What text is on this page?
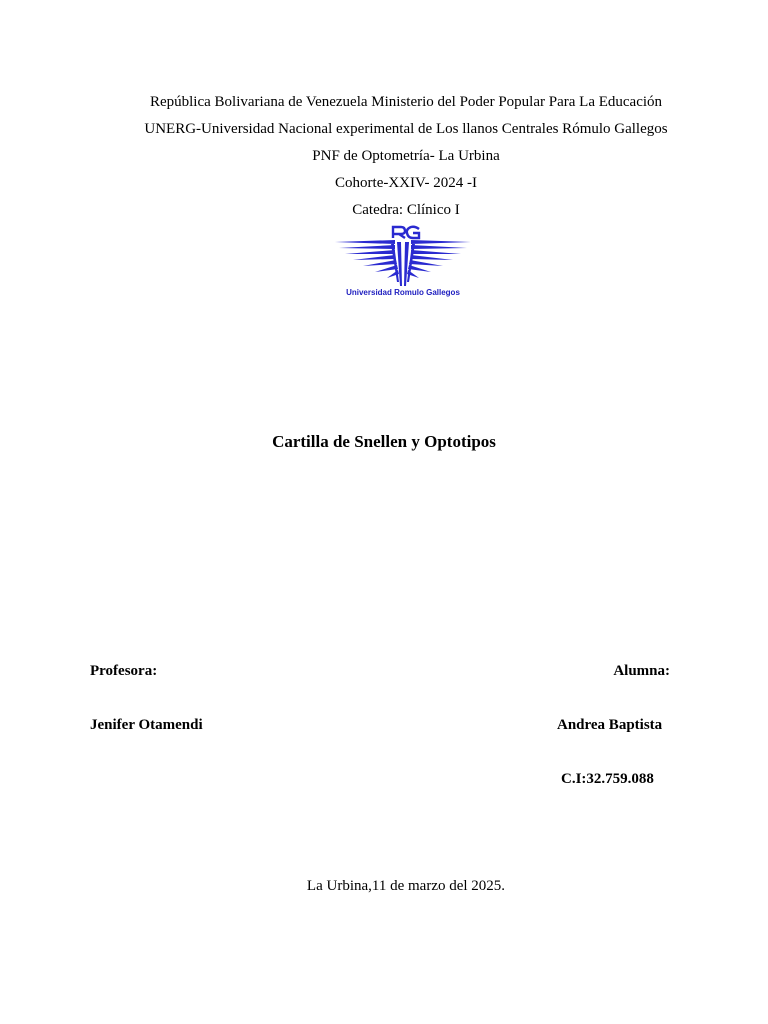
República Bolivariana de Venezuela Ministerio del Poder Popular Para La Educación
UNERG-Universidad Nacional experimental de Los llanos Centrales Rómulo Gallegos
PNF de Optometría- La Urbina
Cohorte-XXIV- 2024 -I
Catedra: Clínico I
Universidad Romulo Gallegos
Cartilla de Snellen y Optotipos
Profesora:	Alumna:
Jenifer Otamendi	Andrea Baptista
C.I:32.759.088
La Urbina,11 de marzo del 2025.
